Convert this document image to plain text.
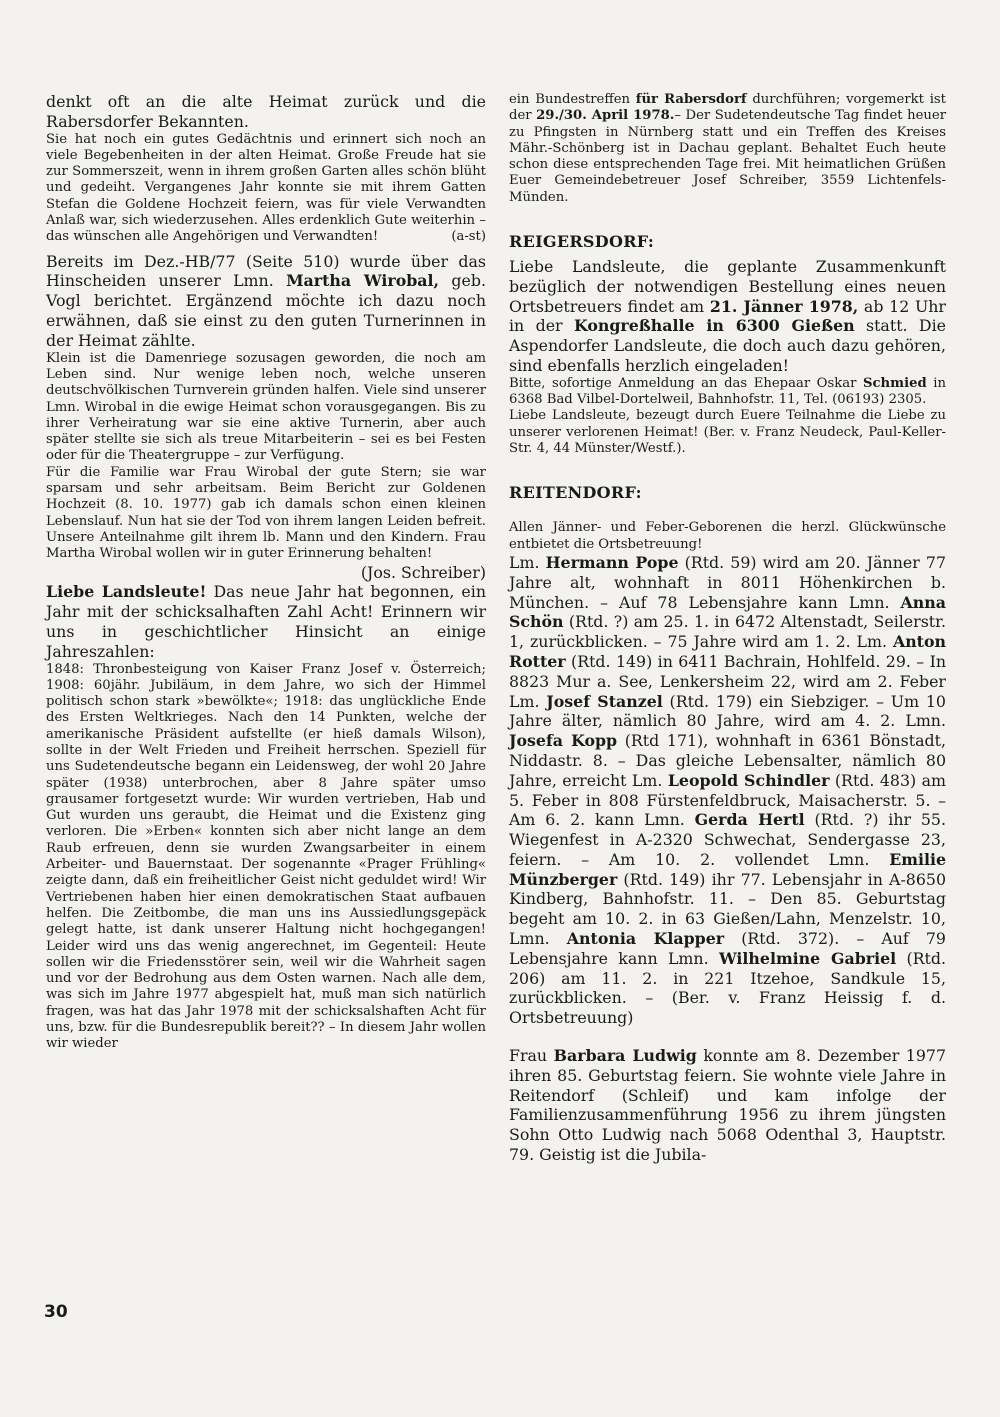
denkt oft an die alte Heimat zurück und die Rabersdorfer Bekannten.

Sie hat noch ein gutes Gedächtnis und erinnert sich noch an viele Begebenheiten in der alten Heimat. Große Freude hat sie zur Sommerszeit, wenn in ihrem großen Garten alles schön blüht und gedeiht. Vergangenes Jahr konnte sie mit ihrem Gatten Stefan die Goldene Hochzeit feiern, was für viele Verwandten Anlaß war, sich wiederzusehen. Alles erdenklich Gute weiterhin – das wünschen alle Angehörigen und Verwandten!	(a-st)

Bereits im Dez.-HB/77 (Seite 510) wurde über das Hinscheiden unserer Lmn. Martha Wirobal, geb. Vogl berichtet. Ergänzend möchte ich dazu noch erwähnen, daß sie einst zu den guten Turnerinnen in der Heimat zählte.

Klein ist die Damenriege sozusagen geworden, die noch am Leben sind. Nur wenige leben noch, welche unseren deutschvölkischen Turnverein gründen halfen. Viele sind unserer Lmn. Wirobal in die ewige Heimat schon vorausgegangen. Bis zu ihrer Verheiratung war sie eine aktive Turnerin, aber auch später stellte sie sich als treue Mitarbeiterin – sei es bei Festen oder für die Theatergruppe – zur Verfügung.

Für die Familie war Frau Wirobal der gute Stern; sie war sparsam und sehr arbeitsam. Beim Bericht zur Goldenen Hochzeit (8. 10. 1977) gab ich damals schon einen kleinen Lebenslauf. Nun hat sie der Tod von ihrem langen Leiden befreit. Unsere Anteilnahme gilt ihrem lb. Mann und den Kindern. Frau Martha Wirobal wollen wir in guter Erinnerung behalten!

(Jos. Schreiber)

Liebe Landsleute! Das neue Jahr hat begonnen, ein Jahr mit der schicksalhaften Zahl Acht! Erinnern wir uns in geschichtlicher Hinsicht an einige Jahreszahlen:

1848: Thronbesteigung von Kaiser Franz Josef v. Österreich; 1908: 60jähr. Jubiläum, in dem Jahre, wo sich der Himmel politisch schon stark »bewölkte«; 1918: das unglückliche Ende des Ersten Weltkrieges. Nach den 14 Punkten, welche der amerikanische Präsident aufstellte (er hieß damals Wilson), sollte in der Welt Frieden und Freiheit herrschen. Speziell für uns Sudetendeutsche begann ein Leidensweg, der wohl 20 Jahre später (1938) unterbrochen, aber 8 Jahre später umso grausamer fortgesetzt wurde: Wir wurden vertrieben, Hab und Gut wurden uns geraubt, die Heimat und die Existenz ging verloren. Die »Erben« konnten sich aber nicht lange an dem Raub erfreuen, denn sie wurden Zwangsarbeiter in einem Arbeiter- und Bauernstaat. Der sogenannte «Prager Frühling« zeigte dann, daß ein freiheitlicher Geist nicht geduldet wird! Wir Vertriebenen haben hier einen demokratischen Staat aufbauen helfen. Die Zeitbombe, die man uns ins Aussiedlungsgepäck gelegt hatte, ist dank unserer Haltung nicht hochgegangen! Leider wird uns das wenig angerechnet, im Gegenteil: Heute sollen wir die Friedensstörer sein, weil wir die Wahrheit sagen und vor der Bedrohung aus dem Osten warnen. Nach alle dem, was sich im Jahre 1977 abgespielt hat, muß man sich natürlich fragen, was hat das Jahr 1978 mit der schicksalshaften Acht für uns, bzw. für die Bundesrepublik bereit?? – In diesem Jahr wollen wir wieder

ein Bundestreffen für Rabersdorf durchführen; vorgemerkt ist der 29./30. April 1978.– Der Sudetendeutsche Tag findet heuer zu Pfingsten in Nürnberg statt und ein Treffen des Kreises Mähr.-Schönberg ist in Dachau geplant. Behaltet Euch heute schon diese entsprechenden Tage frei. Mit heimatlichen Grüßen Euer Gemeindebetreuer Josef Schreiber, 3559 Lichtenfels-Münden.

REIGERSDORF:

Liebe Landsleute, die geplante Zusammenkunft bezüglich der notwendigen Bestellung eines neuen Ortsbetreuers findet am 21. Jänner 1978, ab 12 Uhr in der Kongreßhalle in 6300 Gießen statt. Die Aspendorfer Landsleute, die doch auch dazu gehören, sind ebenfalls herzlich eingeladen!

Bitte, sofortige Anmeldung an das Ehepaar Oskar Schmied in 6368 Bad Vilbel-Dortelweil, Bahnhofstr. 11, Tel. (06193) 2305.

Liebe Landsleute, bezeugt durch Euere Teilnahme die Liebe zu unserer verlorenen Heimat! (Ber. v. Franz Neudeck, Paul-Keller-Str. 4, 44 Münster/Westf.).

REITENDORF:

Allen Jänner- und Feber-Geborenen die herzl. Glückwünsche entbietet die Ortsbetreuung!

Lm. Hermann Pope (Rtd. 59) wird am 20. Jänner 77 Jahre alt, wohnhaft in 8011 Höhenkirchen b. München. – Auf 78 Lebensjahre kann Lmn. Anna Schön (Rtd. ?) am 25. 1. in 6472 Altenstadt, Seilerstr. 1, zurückblicken. – 75 Jahre wird am 1. 2. Lm. Anton Rotter (Rtd. 149) in 6411 Bachrain, Hohlfeld. 29. – In 8823 Mur a. See, Lenkersheim 22, wird am 2. Feber Lm. Josef Stanzel (Rtd. 179) ein Siebziger. – Um 10 Jahre älter, nämlich 80 Jahre, wird am 4. 2. Lmn. Josefa Kopp (Rtd 171), wohnhaft in 6361 Bönstadt, Niddastr. 8. – Das gleiche Lebensalter, nämlich 80 Jahre, erreicht Lm. Leopold Schindler (Rtd. 483) am 5. Feber in 808 Fürstenfeldbruck, Maisacherstr. 5. – Am 6. 2. kann Lmn. Gerda Hertl (Rtd. ?) ihr 55. Wiegenfest in A-2320 Schwechat, Sendergasse 23, feiern. – Am 10. 2. vollendet Lmn. Emilie Münzberger (Rtd. 149) ihr 77. Lebensjahr in A-8650 Kindberg, Bahnhofstr. 11. – Den 85. Geburtstag begeht am 10. 2. in 63 Gießen/Lahn, Menzelstr. 10, Lmn. Antonia Klapper (Rtd. 372). – Auf 79 Lebensjahre kann Lmn. Wilhelmine Gabriel (Rtd. 206) am 11. 2. in 221 Itzehoe, Sandkule 15, zurückblicken. – (Ber. v. Franz Heissig f. d. Ortsbetreuung)

Frau Barbara Ludwig konnte am 8. Dezember 1977 ihren 85. Geburtstag feiern. Sie wohnte viele Jahre in Reitendorf (Schleif) und kam infolge der Familienzusammenführung 1956 zu ihrem jüngsten Sohn Otto Ludwig nach 5068 Odenthal 3, Hauptstr. 79. Geistig ist die Jubila-

30
